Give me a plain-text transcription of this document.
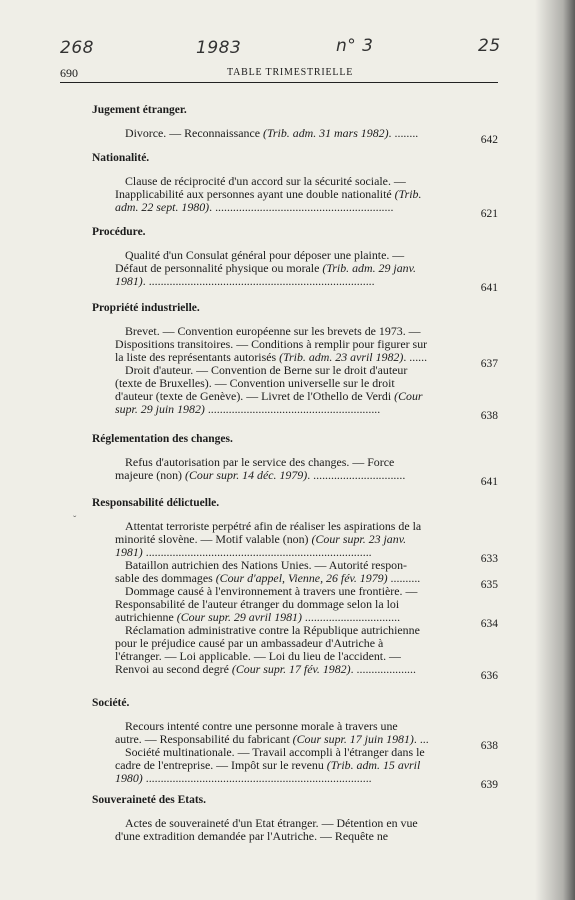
268	1983	n° 3	25
690	TABLE TRIMESTRIELLE
ˇ
Jugement étranger.
Divorce. — Reconnaissance (Trib. adm. 31 mars 1982). ........	642
Nationalité.
Clause de réciprocité d'un accord sur la sécurité sociale. —
Inapplicabilité aux personnes ayant une double nationalité (Trib.
adm. 22 sept. 1980). ............................................................	621
Procédure.
Qualité d'un Consulat général pour déposer une plainte. —
Défaut de personnalité physique ou morale (Trib. adm. 29 janv.
1981). ............................................................................	641
Propriété industrielle.
Brevet. — Convention européenne sur les brevets de 1973. —
Dispositions transitoires. — Conditions à remplir pour figurer sur
la liste des représentants autorisés (Trib. adm. 23 avril 1982). ......	637
Droit d'auteur. — Convention de Berne sur le droit d'auteur
(texte de Bruxelles). — Convention universelle sur le droit
d'auteur (texte de Genève). — Livret de l'Othello de Verdi (Cour
supr. 29 juin 1982) ..........................................................	638
Réglementation des changes.
Refus d'autorisation par le service des changes. — Force
majeure (non) (Cour supr. 14 déc. 1979). ...............................	641
Responsabilité délictuelle.
Attentat terroriste perpétré afin de réaliser les aspirations de la
minorité slovène. — Motif valable (non) (Cour supr. 23 janv.
1981) ............................................................................	633
Bataillon autrichien des Nations Unies. — Autorité respon-
sable des dommages (Cour d'appel, Vienne, 26 fév. 1979) ..........	635
Dommage causé à l'environnement à travers une frontière. —
Responsabilité de l'auteur étranger du dommage selon la loi
autrichienne (Cour supr. 29 avril 1981) ................................	634
Réclamation administrative contre la République autrichienne
pour le préjudice causé par un ambassadeur d'Autriche à
l'étranger. — Loi applicable. — Loi du lieu de l'accident. —
Renvoi au second degré (Cour supr. 17 fév. 1982). ....................	636
Société.
Recours intenté contre une personne morale à travers une
autre. — Responsabilité du fabricant (Cour supr. 17 juin 1981). ...	638
Société multinationale. — Travail accompli à l'étranger dans le
cadre de l'entreprise. — Impôt sur le revenu (Trib. adm. 15 avril
1980) ............................................................................	639
Souveraineté des Etats.
Actes de souveraineté d'un Etat étranger. — Détention en vue
d'une extradition demandée par l'Autriche. — Requête ne
